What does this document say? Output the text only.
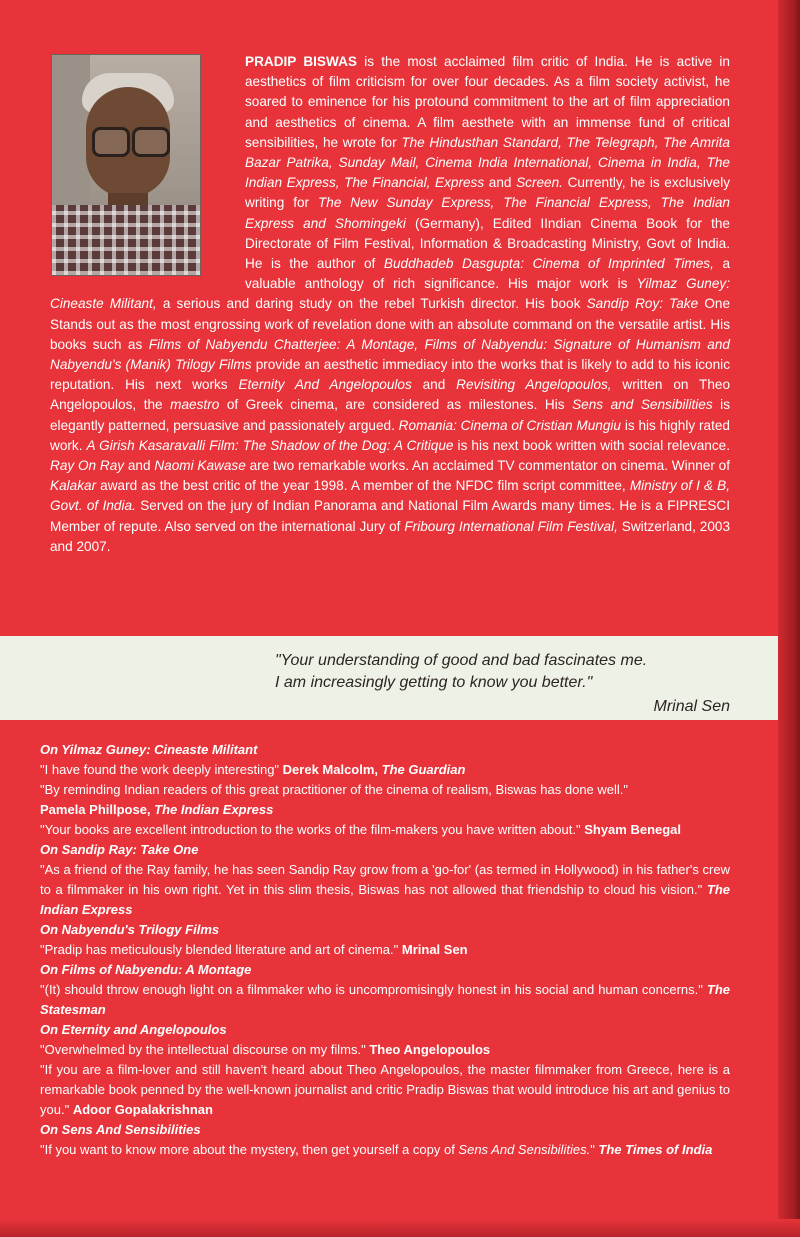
PRADIP BISWAS is the most acclaimed film critic of India. He is active in aesthetics of film criticism for over four decades. As a film society activist, he soared to eminence for his protound commitment to the art of film appreciation and aesthetics of cinema. A film aesthete with an immense fund of critical sensibilities, he wrote for The Hindusthan Standard, The Telegraph, The Amrita Bazar Patrika, Sunday Mail, Cinema India International, Cinema in India, The Indian Express, The Financial, Express and Screen. Currently, he is exclusively writing for The New Sunday Express, The Financial Express, The Indian Express and Shomingeki (Germany), Edited IIndian Cinema Book for the Directorate of Film Festival, Information & Broadcasting Ministry, Govt of India. He is the author of Buddhadeb Dasgupta: Cinema of Imprinted Times, a valuable anthology of rich significance. His major work is Yilmaz Guney: Cineaste Militant, a serious and daring study on the rebel Turkish director. His book Sandip Roy: Take One Stands out as the most engrossing work of revelation done with an absolute command on the versatile artist. His books such as Films of Nabyendu Chatterjee: A Montage, Films of Nabyendu: Signature of Humanism and Nabyendu's (Manik) Trilogy Films provide an aesthetic immediacy into the works that is likely to add to his iconic reputation. His next works Eternity And Angelopoulos and Revisiting Angelopoulos, written on Theo Angelopoulos, the maestro of Greek cinema, are considered as milestones. His Sens and Sensibilities is elegantly patterned, persuasive and passionately argued. Romania: Cinema of Cristian Mungiu is his highly rated work. A Girish Kasaravalli Film: The Shadow of the Dog: A Critique is his next book written with social relevance. Ray On Ray and Naomi Kawase are two remarkable works. An acclaimed TV commentator on cinema. Winner of Kalakar award as the best critic of the year 1998. A member of the NFDC film script committee, Ministry of I & B, Govt. of India. Served on the jury of Indian Panorama and National Film Awards many times. He is a FIPRESCI Member of repute. Also served on the international Jury of Fribourg International Film Festival, Switzerland, 2003 and 2007.

"Your understanding of good and bad fascinates me.
I am increasingly getting to know you better."
Mrinal Sen

On Yilmaz Guney: Cineaste Militant

"I have found the work deeply interesting" Derek Malcolm, The Guardian

"By reminding Indian readers of this great practitioner of the cinema of realism, Biswas has done well."
Pamela Phillpose, The Indian Express

"Your books are excellent introduction to the works of the film-makers you have written about." Shyam Benegal

On Sandip Ray: Take One

"As a friend of the Ray family, he has seen Sandip Ray grow from a 'go-for' (as termed in Hollywood) in his father's crew to a filmmaker in his own right. Yet in this slim thesis, Biswas has not allowed that friendship to cloud his vision." The Indian Express

On Nabyendu's Trilogy Films

"Pradip has meticulously blended literature and art of cinema." Mrinal Sen

On Films of Nabyendu: A Montage

"(It) should throw enough light on a filmmaker who is uncompromisingly honest in his social and human concerns." The Statesman

On Eternity and Angelopoulos

"Overwhelmed by the intellectual discourse on my films." Theo Angelopoulos

"If you are a film-lover and still haven't heard about Theo Angelopoulos, the master filmmaker from Greece, here is a remarkable book penned by the well-known journalist and critic Pradip Biswas that would introduce his art and genius to you." Adoor Gopalakrishnan

On Sens And Sensibilities

"If you want to know more about the mystery, then get yourself a copy of Sens And Sensibilities." The Times of India
